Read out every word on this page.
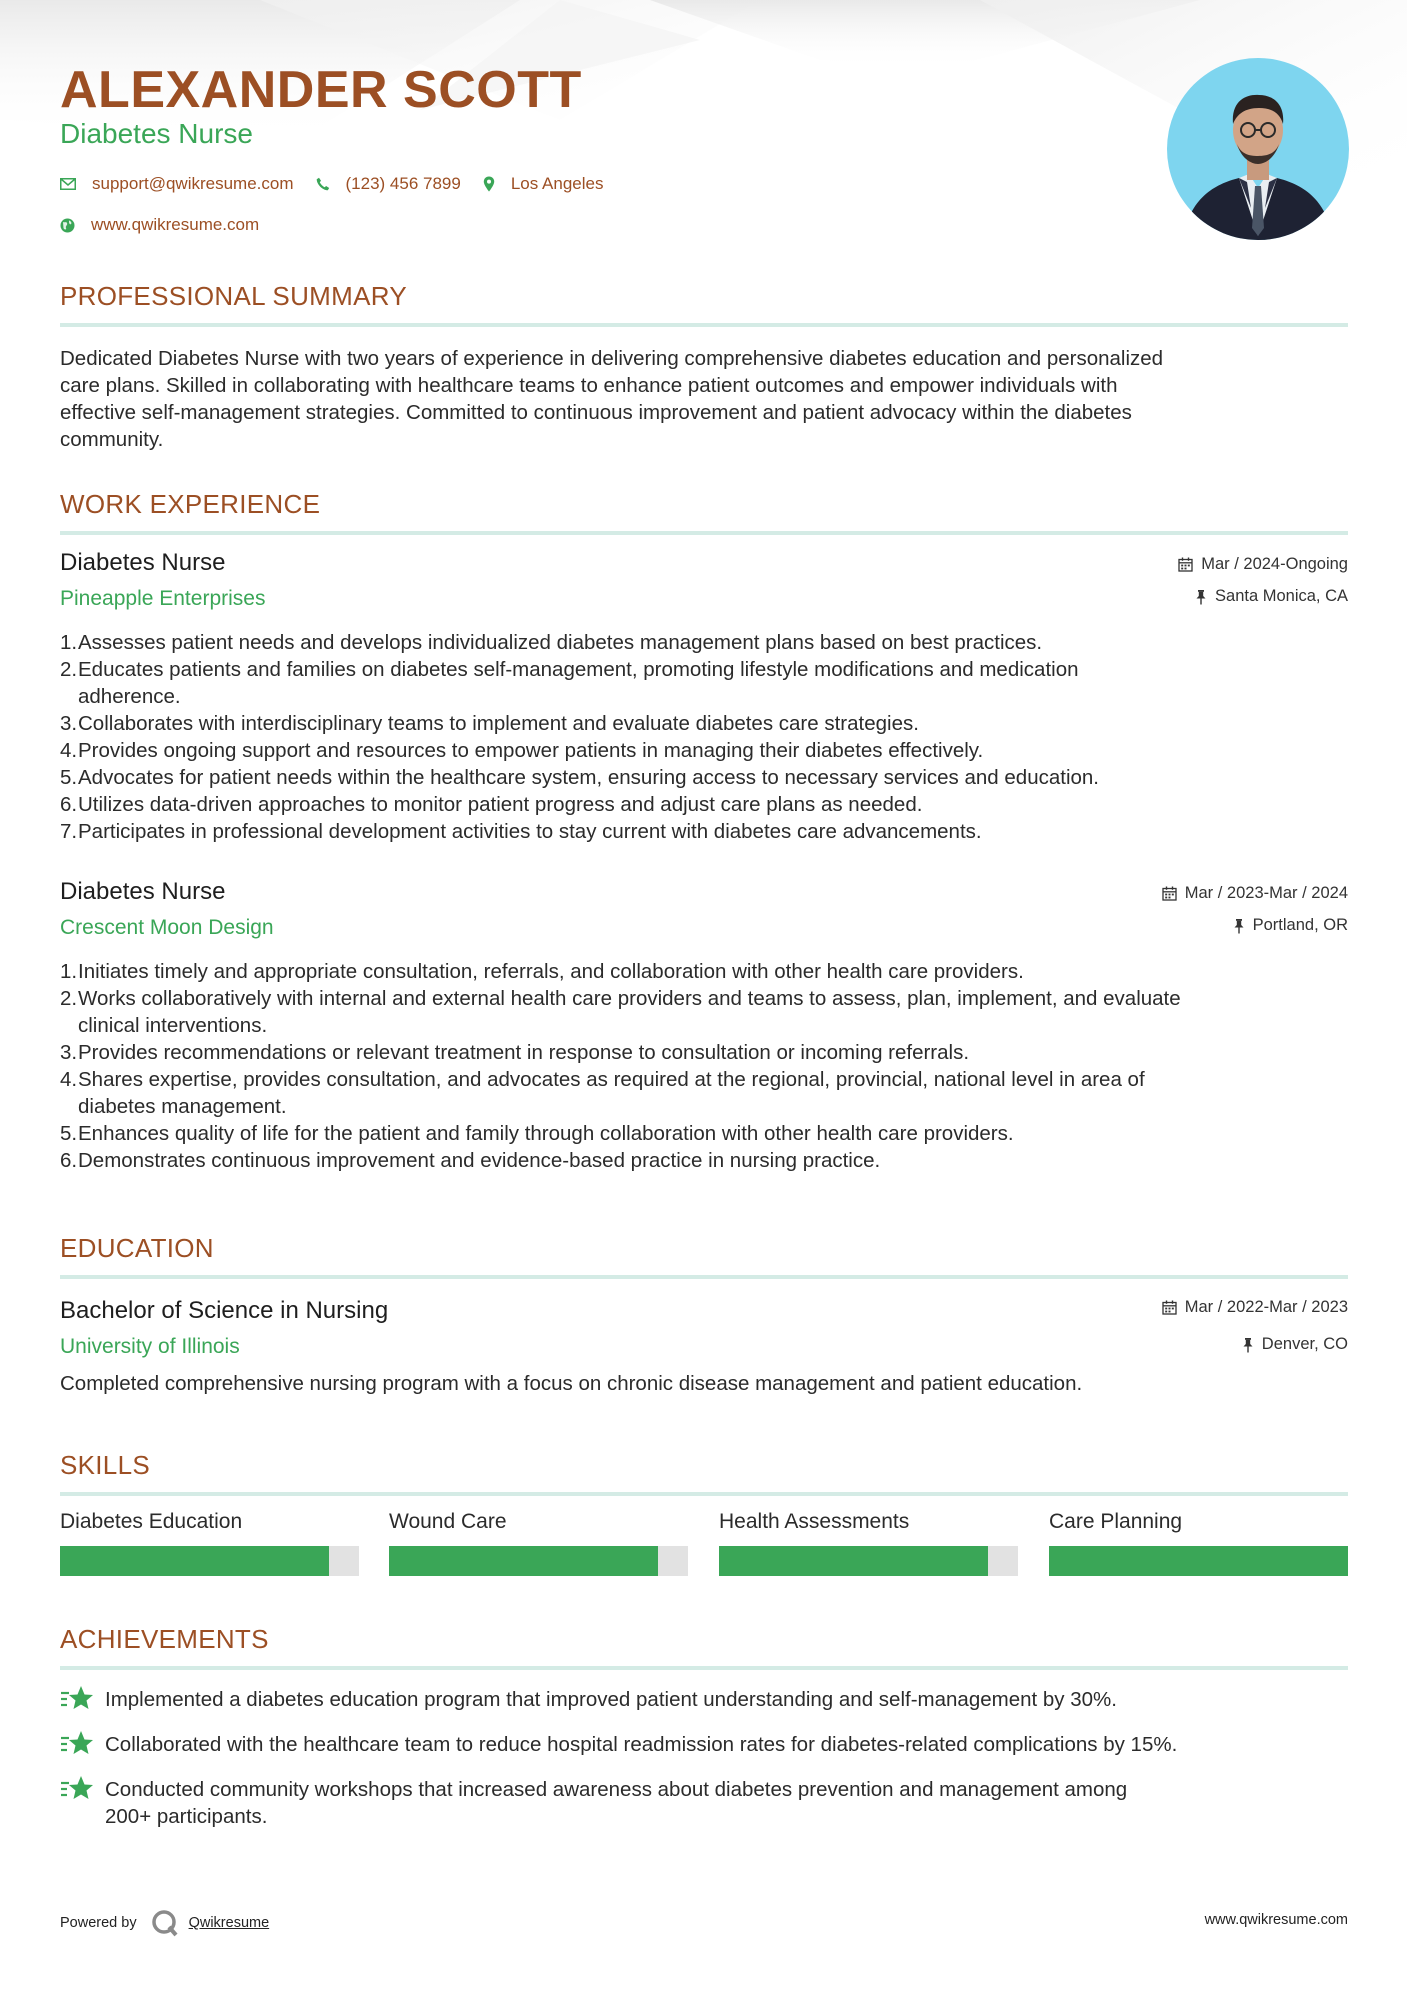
ALEXANDER SCOTT
Diabetes Nurse
support@qwikresume.com	(123) 456 7899	Los Angeles
www.qwikresume.com
PROFESSIONAL SUMMARY
Dedicated Diabetes Nurse with two years of experience in delivering comprehensive diabetes education and personalized
care plans. Skilled in collaborating with healthcare teams to enhance patient outcomes and empower individuals with
effective self-management strategies. Committed to continuous improvement and patient advocacy within the diabetes
community.
WORK EXPERIENCE
Diabetes Nurse
Pineapple Enterprises
Mar / 2024-Ongoing
Santa Monica, CA
1. Assesses patient needs and develops individualized diabetes management plans based on best practices.
2. Educates patients and families on diabetes self-management, promoting lifestyle modifications and medication
adherence.
3. Collaborates with interdisciplinary teams to implement and evaluate diabetes care strategies.
4. Provides ongoing support and resources to empower patients in managing their diabetes effectively.
5. Advocates for patient needs within the healthcare system, ensuring access to necessary services and education.
6. Utilizes data-driven approaches to monitor patient progress and adjust care plans as needed.
7. Participates in professional development activities to stay current with diabetes care advancements.
Diabetes Nurse
Crescent Moon Design
Mar / 2023-Mar / 2024
Portland, OR
1. Initiates timely and appropriate consultation, referrals, and collaboration with other health care providers.
2. Works collaboratively with internal and external health care providers and teams to assess, plan, implement, and evaluate
clinical interventions.
3. Provides recommendations or relevant treatment in response to consultation or incoming referrals.
4. Shares expertise, provides consultation, and advocates as required at the regional, provincial, national level in area of
diabetes management.
5. Enhances quality of life for the patient and family through collaboration with other health care providers.
6. Demonstrates continuous improvement and evidence-based practice in nursing practice.
EDUCATION
Bachelor of Science in Nursing
University of Illinois
Mar / 2022-Mar / 2023
Denver, CO
Completed comprehensive nursing program with a focus on chronic disease management and patient education.
SKILLS
Diabetes Education	Wound Care	Health Assessments	Care Planning
ACHIEVEMENTS
Implemented a diabetes education program that improved patient understanding and self-management by 30%.
Collaborated with the healthcare team to reduce hospital readmission rates for diabetes-related complications by 15%.
Conducted community workshops that increased awareness about diabetes prevention and management among
200+ participants.
Powered by	Qwikresume	www.qwikresume.com
